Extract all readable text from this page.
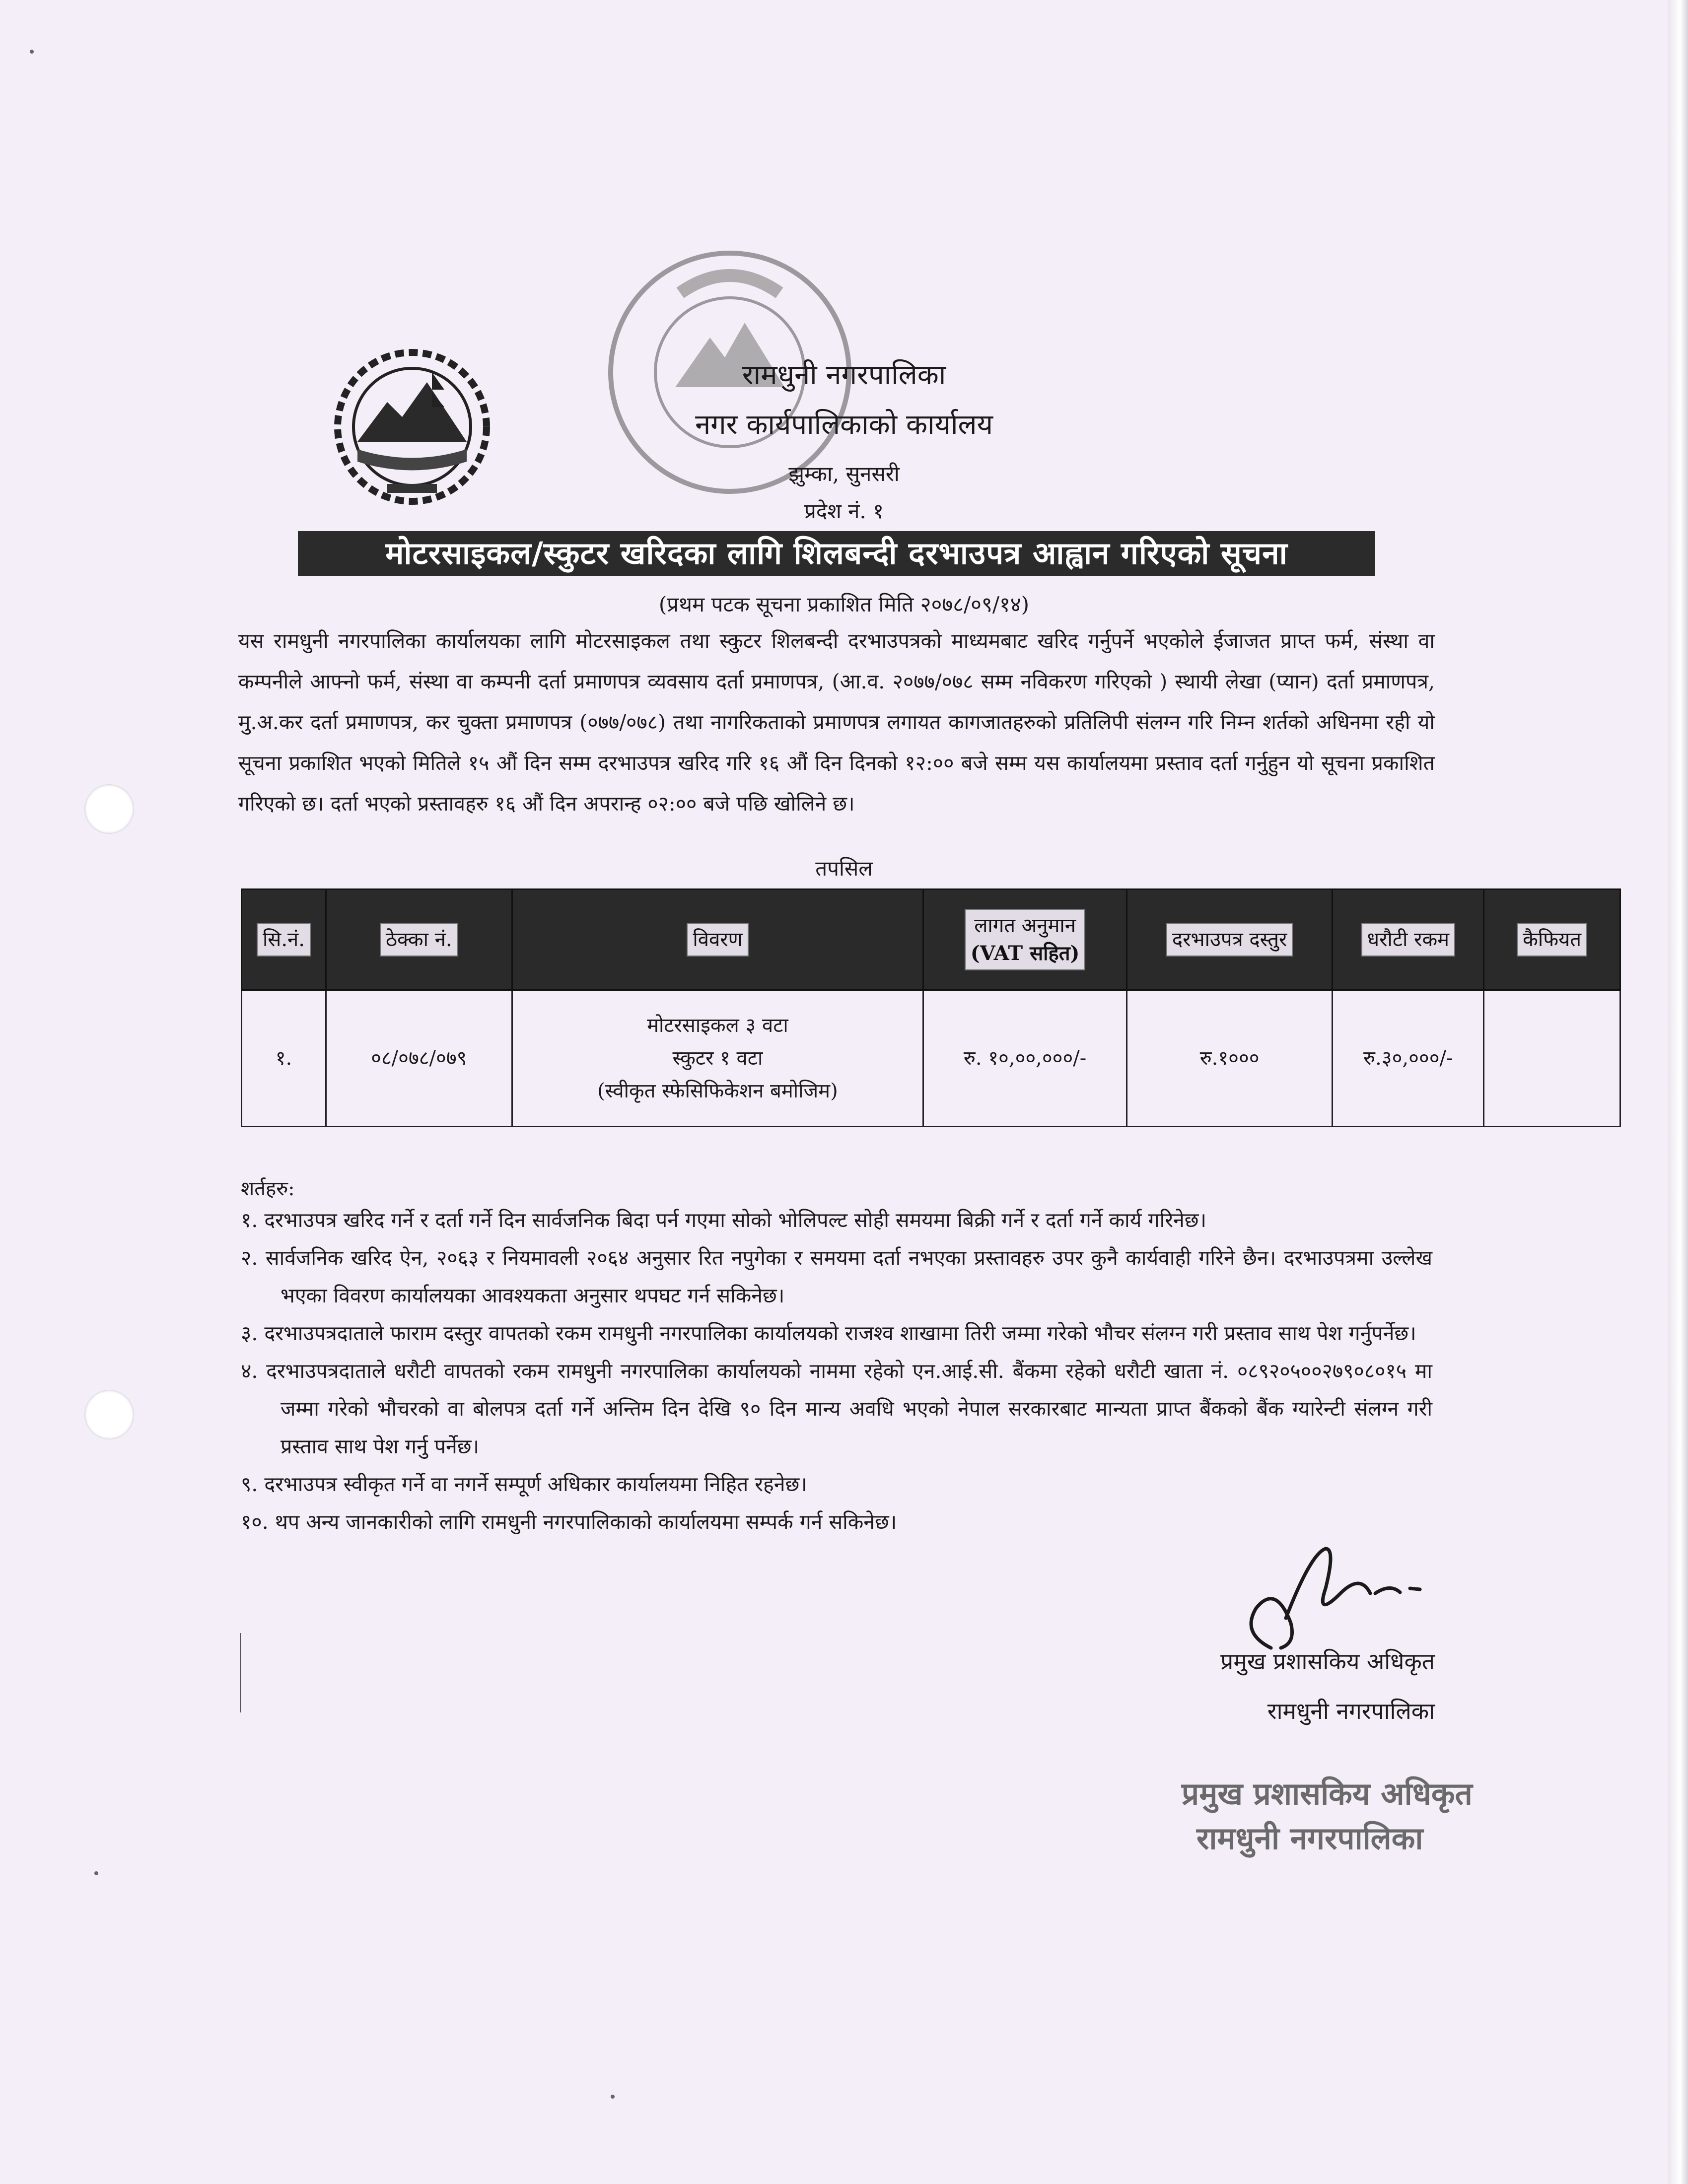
रामधुनी नगरपालिका
नगर कार्यपालिकाको कार्यालय
झुम्का, सुनसरी
प्रदेश नं. १
मोटरसाइकल/स्कुटर खरिदका लागि शिलबन्दी दरभाउपत्र आह्वान गरिएको सूचना
(प्रथम पटक सूचना प्रकाशित मिति २०७८/०९/१४)
यस रामधुनी नगरपालिका कार्यालयका लागि मोटरसाइकल तथा स्कुटर शिलबन्दी दरभाउपत्रको माध्यमबाट खरिद गर्नुपर्ने भएकोले ईजाजत प्राप्त फर्म, संस्था वा कम्पनीले आफ्नो फर्म, संस्था वा कम्पनी दर्ता प्रमाणपत्र व्यवसाय दर्ता प्रमाणपत्र, (आ.व. २०७७/०७८ सम्म नविकरण गरिएको ) स्थायी लेखा (प्यान) दर्ता प्रमाणपत्र, मु.अ.कर दर्ता प्रमाणपत्र, कर चुक्ता प्रमाणपत्र (०७७/०७८) तथा नागरिकताको प्रमाणपत्र लगायत कागजातहरुको प्रतिलिपी संलग्न गरि निम्न शर्तको अधिनमा रही यो सूचना प्रकाशित भएको मितिले १५ औं दिन सम्म दरभाउपत्र खरिद गरि १६ औं दिन दिनको १२:०० बजे सम्म यस कार्यालयमा प्रस्ताव दर्ता गर्नुहुन यो सूचना प्रकाशित गरिएको छ। दर्ता भएको प्रस्तावहरु १६ औं दिन अपरान्ह ०२:०० बजे पछि खोलिने छ।
तपसिल
सि.नं.	ठेक्का नं.	विवरण	लागत अनुमान
(VAT सहित)	दरभाउपत्र दस्तुर	धरौटी रकम	कैफियत
१.	०८/०७८/०७९	मोटरसाइकल ३ वटा
स्कुटर १ वटा
(स्वीकृत स्फेसिफिकेशन बमोजिम)	रु. १०,००,०००/-	रु.१०००	रु.३०,०००/-	
शर्तहरु:
१. दरभाउपत्र खरिद गर्ने र दर्ता गर्ने दिन सार्वजनिक बिदा पर्न गएमा सोको भोलिपल्ट सोही समयमा बिक्री गर्ने र दर्ता गर्ने कार्य गरिनेछ।
२. सार्वजनिक खरिद ऐन, २०६३ र नियमावली २०६४ अनुसार रित नपुगेका र समयमा दर्ता नभएका प्रस्तावहरु उपर कुनै कार्यवाही गरिने छैन। दरभाउपत्रमा उल्लेख भएका विवरण कार्यालयका आवश्यकता अनुसार थपघट गर्न सकिनेछ।
३. दरभाउपत्रदाताले फाराम दस्तुर वापतको रकम रामधुनी नगरपालिका कार्यालयको राजश्व शाखामा तिरी जम्मा गरेको भौचर संलग्न गरी प्रस्ताव साथ पेश गर्नुपर्नेछ।
४. दरभाउपत्रदाताले धरौटी वापतको रकम रामधुनी नगरपालिका कार्यालयको नाममा रहेको एन.आई.सी. बैंकमा रहेको धरौटी खाता नं. ०८९२०५००२७९०८०१५ मा जम्मा गरेको भौचरको वा बोलपत्र दर्ता गर्ने अन्तिम दिन देखि ९० दिन मान्य अवधि भएको नेपाल सरकारबाट मान्यता प्राप्त बैंकको बैंक ग्यारेन्टी संलग्न गरी प्रस्ताव साथ पेश गर्नु पर्नेछ।
९. दरभाउपत्र स्वीकृत गर्ने वा नगर्ने सम्पूर्ण अधिकार कार्यालयमा निहित रहनेछ।
१०. थप अन्य जानकारीको लागि रामधुनी नगरपालिकाको कार्यालयमा सम्पर्क गर्न सकिनेछ।
प्रमुख प्रशासकिय अधिकृत
रामधुनी नगरपालिका
प्रमुख प्रशासकिय अधिकृत
रामधुनी नगरपालिका
